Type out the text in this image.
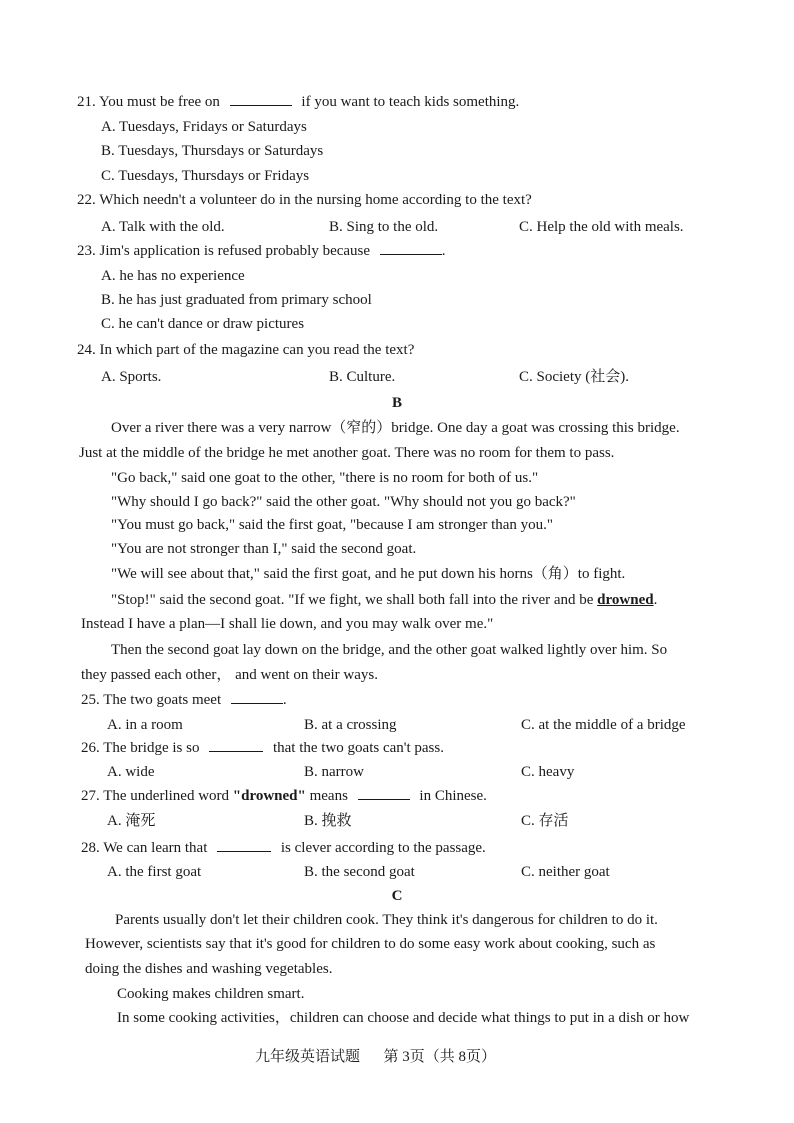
21. You must be free on	if you want to teach kids something.
A. Tuesdays, Fridays or Saturdays
B. Tuesdays, Thursdays or Saturdays
C. Tuesdays, Thursdays or Fridays
22. Which needn't a volunteer do in the nursing home according to the text?
A. Talk with the old.	B. Sing to the old.	C. Help the old with meals.
23. Jim's application is refused probably because	.
A. he has no experience
B. he has just graduated from primary school
C. he can't dance or draw pictures
24. In which part of the magazine can you read the text?
A. Sports.	B. Culture.	C. Society (社会).
B
Over a river there was a very narrow（窄的）bridge. One day a goat was crossing this bridge.
Just at the middle of the bridge he met another goat. There was no room for them to pass.
"Go back," said one goat to the other, "there is no room for both of us."
"Why should I go back?" said the other goat. "Why should not you go back?"
"You must go back," said the first goat, "because I am stronger than you."
"You are not stronger than I," said the second goat.
"We will see about that," said the first goat, and he put down his horns（角）to fight.
"Stop!" said the second goat. "If we fight, we shall both fall into the river and be drowned.
Instead I have a plan—I shall lie down, and you may walk over me."
Then the second goat lay down on the bridge, and the other goat walked lightly over him. So
they passed each other， and went on their ways.
25. The two goats meet	.
A. in a room	B. at a crossing	C. at the middle of a bridge
26. The bridge is so	that the two goats can't pass.
A. wide	B. narrow	C. heavy
27. The underlined word "drowned" means	in Chinese.
A. 淹死	B. 挽救	C. 存活
28. We can learn that	is clever according to the passage.
A. the first goat	B. the second goat	C. neither goat
C
Parents usually don't let their children cook. They think it's dangerous for children to do it.
However, scientists say that it's good for children to do some easy work about cooking, such as
doing the dishes and washing vegetables.
Cooking makes children smart.
In some cooking activities，children can choose and decide what things to put in a dish or how
九年级英语试题 第 3页（共 8页）
